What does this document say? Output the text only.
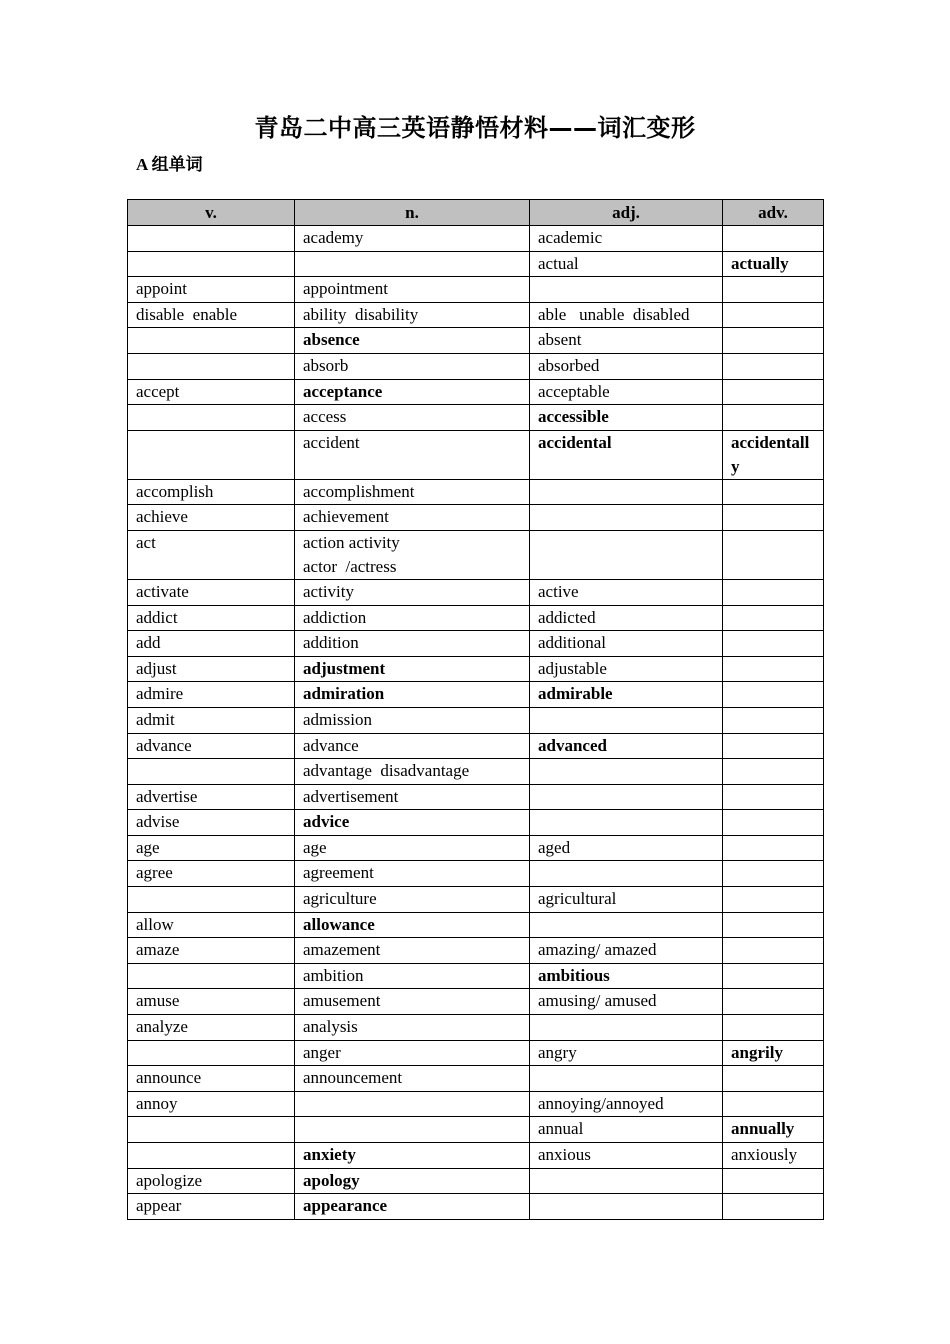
青岛二中高三英语静悟材料——词汇变形
A 组单词
v.	n.	adj.	adv.
	academy	academic	
		actual	actually
appoint	appointment		
disable  enable	ability  disability	able   unable  disabled	
	absence	absent	
	absorb	absorbed	
accept	acceptance	acceptable	
	access	accessible	
	accident	accidental	accidentally
accomplish	accomplishment		
achieve	achievement		
act	action activity
actor  /actress		
activate	activity	active	
addict	addiction	addicted	
add	addition	additional	
adjust	adjustment	adjustable	
admire	admiration	admirable	
admit	admission		
advance	advance	advanced	
	advantage  disadvantage		
advertise	advertisement		
advise	advice		
age	age	aged	
agree	agreement		
	agriculture	agricultural	
allow	allowance		
amaze	amazement	amazing/ amazed	
	ambition	ambitious	
amuse	amusement	amusing/ amused	
analyze	analysis		
	anger	angry	angrily
announce	announcement		
annoy		annoying/annoyed	
		annual	annually
	anxiety	anxious	anxiously
apologize	apology		
appear	appearance		
